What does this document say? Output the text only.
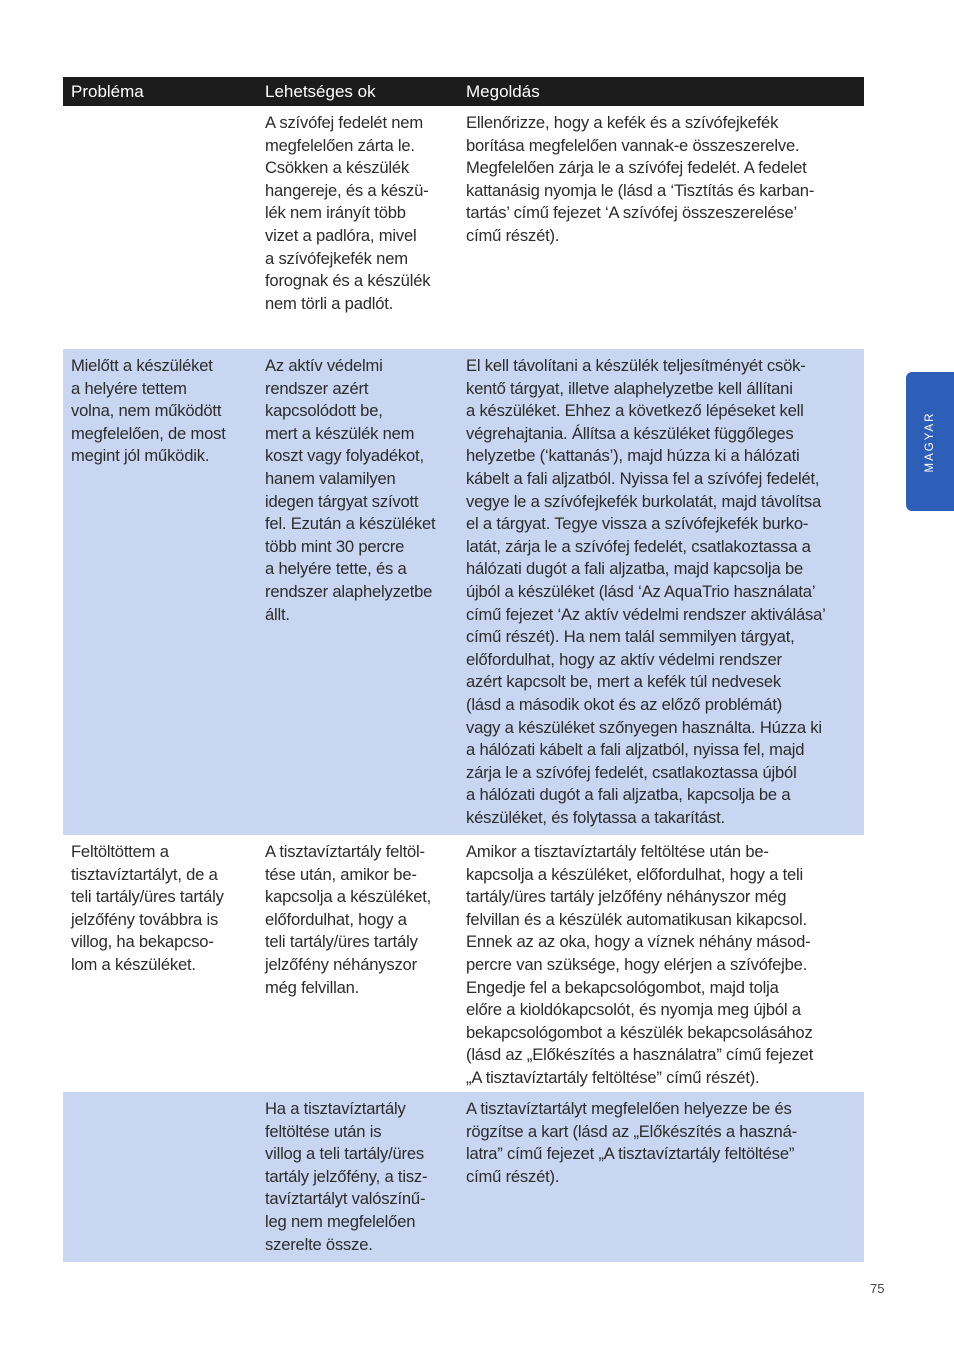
Probléma	Lehetséges ok	Megoldás
A szívófej fedelét nem
megfelelően zárta le.
Csökken a készülék
hangereje, és a készü-
lék nem irányít több
vizet a padlóra, mivel
a szívófejkefék nem
forognak és a készülék
nem törli a padlót.
Ellenőrizze, hogy a kefék és a szívófejkefék
borítása megfelelően vannak-e összeszerelve.
Megfelelően zárja le a szívófej fedelét. A fedelet
kattanásig nyomja le (lásd a ‘Tisztítás és karban-
tartás’ című fejezet ‘A szívófej összeszerelése’
című részét).
Mielőtt a készüléket
a helyére tettem
volna, nem működött
megfelelően, de most
megint jól működik.
Az aktív védelmi
rendszer azért
kapcsolódott be,
mert a készülék nem
koszt vagy folyadékot,
hanem valamilyen
idegen tárgyat szívott
fel. Ezután a készüléket
több mint 30 percre
a helyére tette, és a
rendszer alaphelyzetbe
állt.
El kell távolítani a készülék teljesítményét csök-
kentő tárgyat, illetve alaphelyzetbe kell állítani
a készüléket. Ehhez a következő lépéseket kell
végrehajtania. Állítsa a készüléket függőleges
helyzetbe (‘kattanás’), majd húzza ki a hálózati
kábelt a fali aljzatból. Nyissa fel a szívófej fedelét,
vegye le a szívófejkefék burkolatát, majd távolítsa
el a tárgyat. Tegye vissza a szívófejkefék burko-
latát, zárja le a szívófej fedelét, csatlakoztassa a
hálózati dugót a fali aljzatba, majd kapcsolja be
újból a készüléket (lásd ‘Az AquaTrio használata’
című fejezet ‘Az aktív védelmi rendszer aktiválása’
című részét). Ha nem talál semmilyen tárgyat,
előfordulhat, hogy az aktív védelmi rendszer
azért kapcsolt be, mert a kefék túl nedvesek
(lásd a második okot és az előző problémát)
vagy a készüléket szőnyegen használta. Húzza ki
a hálózati kábelt a fali aljzatból, nyissa fel, majd
zárja le a szívófej fedelét, csatlakoztassa újból
a hálózati dugót a fali aljzatba, kapcsolja be a
készüléket, és folytassa a takarítást.
Feltöltöttem a
tisztavíztartályt, de a
teli tartály/üres tartály
jelzőfény továbbra is
villog, ha bekapcso-
lom a készüléket.
A tisztavíztartály feltöl-
tése után, amikor be-
kapcsolja a készüléket,
előfordulhat, hogy a
teli tartály/üres tartály
jelzőfény néhányszor
még felvillan.
Amikor a tisztavíztartály feltöltése után be-
kapcsolja a készüléket, előfordulhat, hogy a teli
tartály/üres tartály jelzőfény néhányszor még
felvillan és a készülék automatikusan kikapcsol.
Ennek az az oka, hogy a víznek néhány másod-
percre van szüksége, hogy elérjen a szívófejbe.
Engedje fel a bekapcsológombot, majd tolja
előre a kioldókapcsolót, és nyomja meg újból a
bekapcsológombot a készülék bekapcsolásához
(lásd az „Előkészítés a használatra” című fejezet
„A tisztavíztartály feltöltése” című részét).
Ha a tisztavíztartály
feltöltése után is
villog a teli tartály/üres
tartály jelzőfény, a tisz-
tavíztartályt valószínű-
leg nem megfelelően
szerelte össze.
A tisztavíztartályt megfelelően helyezze be és
rögzítse a kart (lásd az „Előkészítés a haszná-
latra” című fejezet „A tisztavíztartály feltöltése”
című részét).
MAGYAR
75
